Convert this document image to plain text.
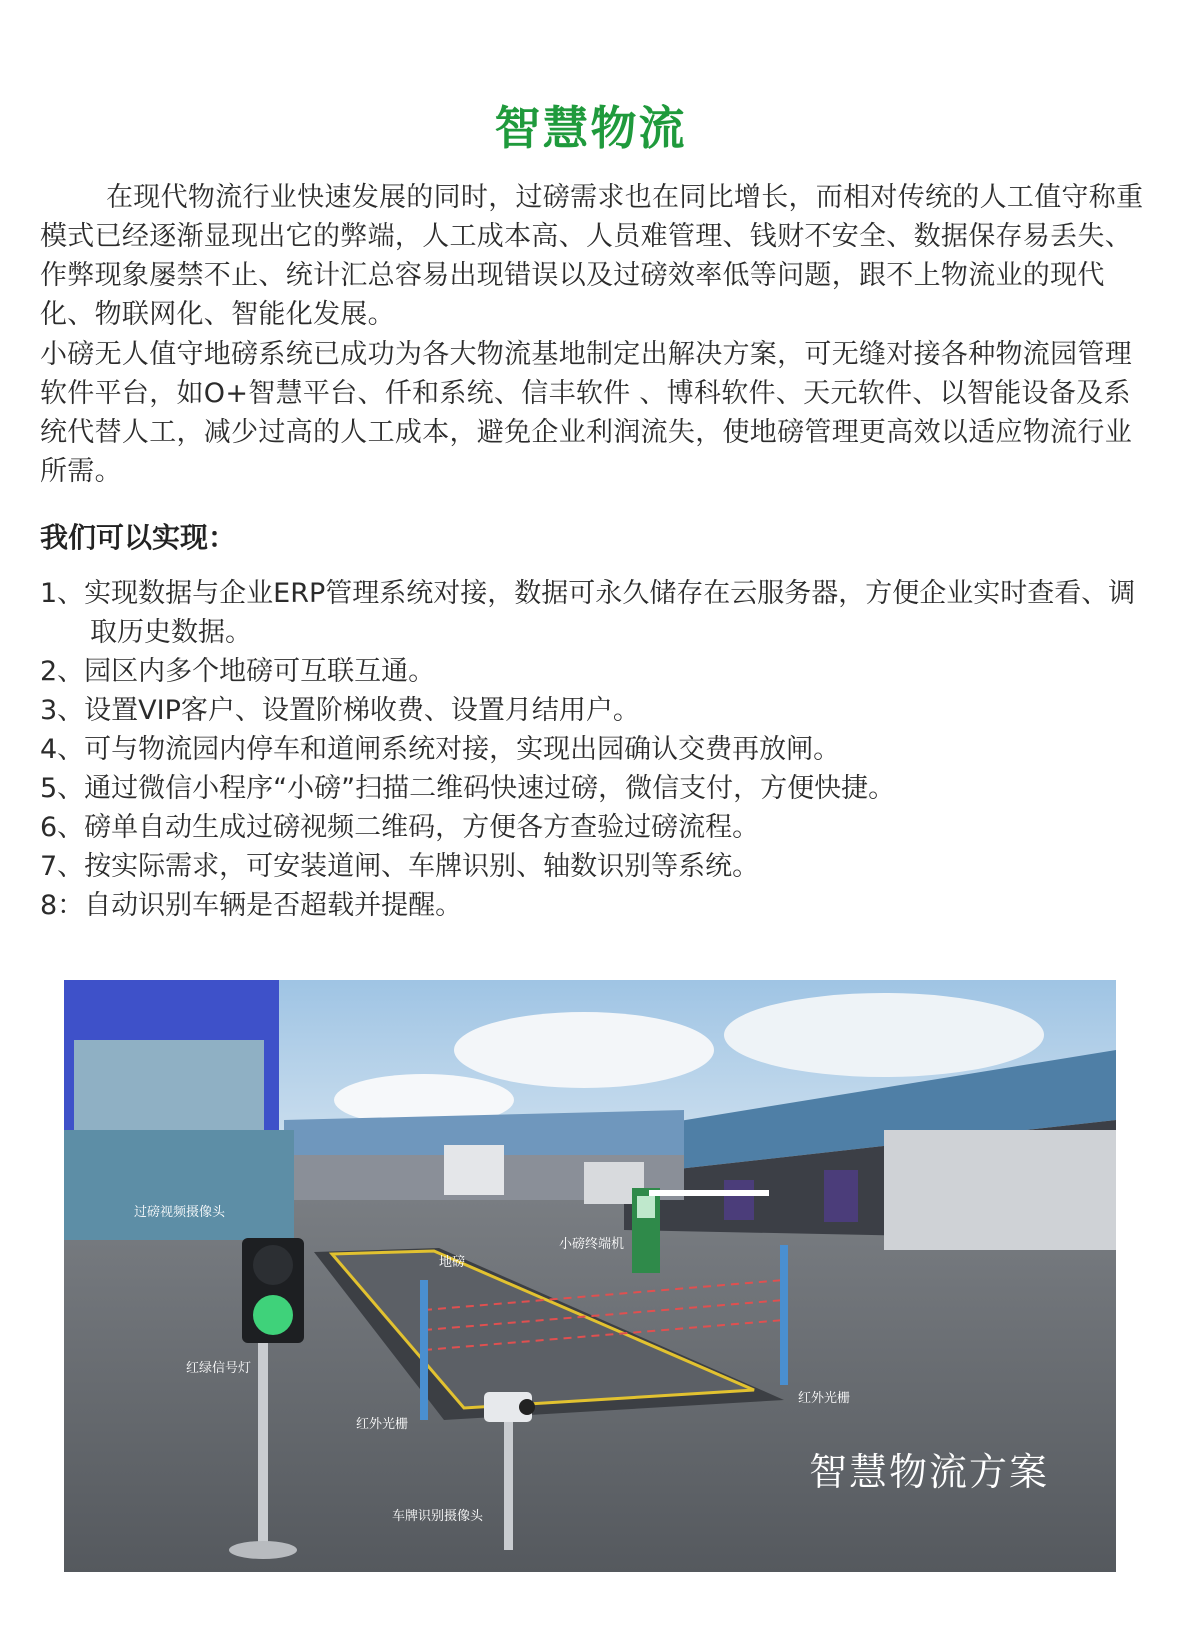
智慧物流

在现代物流行业快速发展的同时，过磅需求也在同比增长，而相对传统的人工值守称重模式已经逐渐显现出它的弊端，人工成本高、人员难管理、钱财不安全、数据保存易丢失、作弊现象屡禁不止、统计汇总容易出现错误以及过磅效率低等问题，跟不上物流业的现代化、物联网化、智能化发展。

小磅无人值守地磅系统已成功为各大物流基地制定出解决方案，可无缝对接各种物流园管理软件平台，如O+智慧平台、仟和系统、信丰软件 、博科软件、天元软件、以智能设备及系统代替人工，减少过高的人工成本，避免企业利润流失，使地磅管理更高效以适应物流行业所需。

我们可以实现：
1、实现数据与企业ERP管理系统对接，数据可永久储存在云服务器，方便企业实时查看、调取历史数据。
2、园区内多个地磅可互联互通。
3、设置VIP客户、设置阶梯收费、设置月结用户。
4、可与物流园内停车和道闸系统对接，实现出园确认交费再放闸。
5、通过微信小程序“小磅”扫描二维码快速过磅，微信支付，方便快捷。
6、磅单自动生成过磅视频二维码，方便各方查验过磅流程。
7、按实际需求，可安装道闸、车牌识别、轴数识别等系统。
8：自动识别车辆是否超载并提醒。
过磅视频摄像头
小磅终端机
地磅
红绿信号灯
红外光栅
红外光栅
车牌识别摄像头
智慧物流方案
